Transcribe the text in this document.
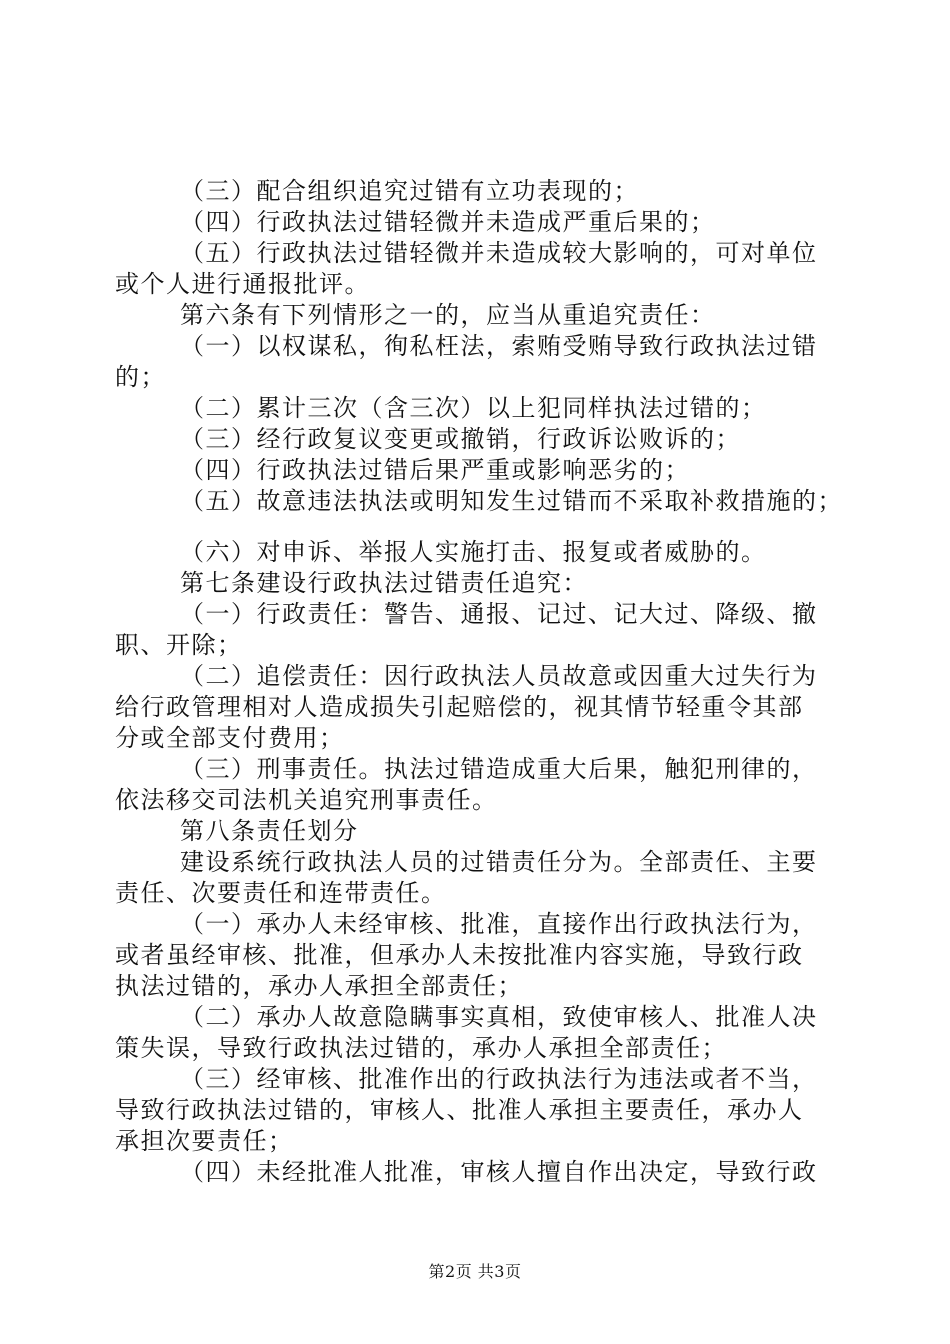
（三）配合组织追究过错有立功表现的；
（四）行政执法过错轻微并未造成严重后果的；
（五）行政执法过错轻微并未造成较大影响的，可对单位
或个人进行通报批评。
第六条有下列情形之一的，应当从重追究责任：
（一）以权谋私，徇私枉法，索贿受贿导致行政执法过错
的；
（二）累计三次（含三次）以上犯同样执法过错的；
（三）经行政复议变更或撤销，行政诉讼败诉的；
（四）行政执法过错后果严重或影响恶劣的；
（五）故意违法执法或明知发生过错而不采取补救措施的；
（六）对申诉、举报人实施打击、报复或者威胁的。
第七条建设行政执法过错责任追究：
（一）行政责任：警告、通报、记过、记大过、降级、撤
职、开除；
（二）追偿责任：因行政执法人员故意或因重大过失行为
给行政管理相对人造成损失引起赔偿的，视其情节轻重令其部
分或全部支付费用；
（三）刑事责任。执法过错造成重大后果，触犯刑律的，
依法移交司法机关追究刑事责任。
第八条责任划分
建设系统行政执法人员的过错责任分为。全部责任、主要
责任、次要责任和连带责任。
（一）承办人未经审核、批准，直接作出行政执法行为，
或者虽经审核、批准，但承办人未按批准内容实施，导致行政
执法过错的，承办人承担全部责任；
（二）承办人故意隐瞒事实真相，致使审核人、批准人决
策失误，导致行政执法过错的，承办人承担全部责任；
（三）经审核、批准作出的行政执法行为违法或者不当，
导致行政执法过错的，审核人、批准人承担主要责任，承办人
承担次要责任；
（四）未经批准人批准，审核人擅自作出决定，导致行政
第2页 共3页
